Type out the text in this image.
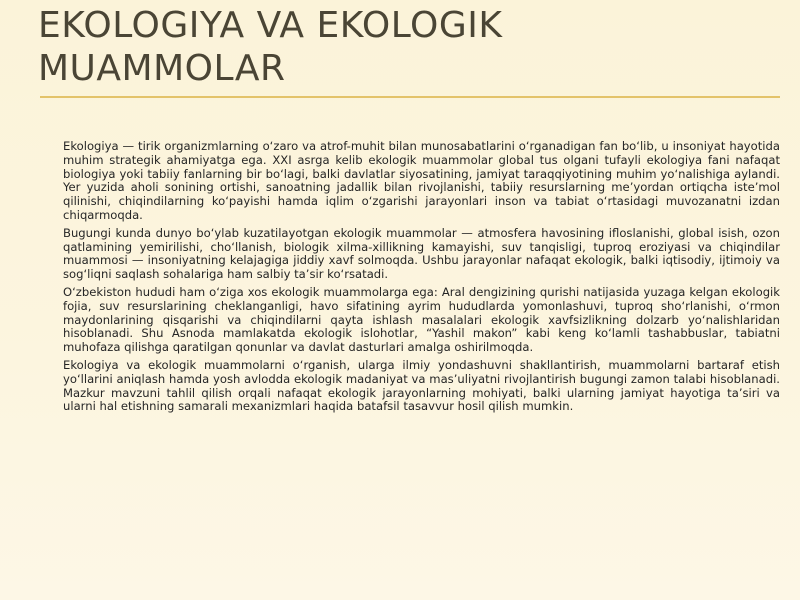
EKOLOGIYA VA EKOLOGIK
MUAMMOLAR

Ekologiya — tirik organizmlarning o‘zaro va atrof-muhit bilan munosabatlarini o‘rganadigan fan bo‘lib, u insoniyat hayotida muhim strategik ahamiyatga ega. XXI asrga kelib ekologik muammolar global tus olgani tufayli ekologiya fani nafaqat biologiya yoki tabiiy fanlarning bir bo‘lagi, balki davlatlar siyosatining, jamiyat taraqqiyotining muhim yo‘nalishiga aylandi. Yer yuzida aholi sonining ortishi, sanoatning jadallik bilan rivojlanishi, tabiiy resurslarning me’yordan ortiqcha iste’mol qilinishi, chiqindilarning ko‘payishi hamda iqlim o‘zgarishi jarayonlari inson va tabiat o‘rtasidagi muvozanatni izdan chiqarmoqda.

Bugungi kunda dunyo bo‘ylab kuzatilayotgan ekologik muammolar — atmosfera havosining ifloslanishi, global isish, ozon qatlamining yemirilishi, cho‘llanish, biologik xilma-xillikning kamayishi, suv tanqisligi, tuproq eroziyasi va chiqindilar muammosi — insoniyatning kelajagiga jiddiy xavf solmoqda. Ushbu jarayonlar nafaqat ekologik, balki iqtisodiy, ijtimoiy va sog‘liqni saqlash sohalariga ham salbiy ta’sir ko‘rsatadi.

O‘zbekiston hududi ham o‘ziga xos ekologik muammolarga ega: Aral dengizining qurishi natijasida yuzaga kelgan ekologik fojia, suv resurslarining cheklanganligi, havo sifatining ayrim hududlarda yomonlashuvi, tuproq sho‘rlanishi, o‘rmon maydonlarining qisqarishi va chiqindilarni qayta ishlash masalalari ekologik xavfsizlikning dolzarb yo‘nalishlaridan hisoblanadi. Shu Asnoda mamlakatda ekologik islohotlar, “Yashil makon” kabi keng ko‘lamli tashabbuslar, tabiatni muhofaza qilishga qaratilgan qonunlar va davlat dasturlari amalga oshirilmoqda.

Ekologiya va ekologik muammolarni o‘rganish, ularga ilmiy yondashuvni shakllantirish, muammolarni bartaraf etish yo‘llarini aniqlash hamda yosh avlodda ekologik madaniyat va mas’uliyatni rivojlantirish bugungi zamon talabi hisoblanadi. Mazkur mavzuni tahlil qilish orqali nafaqat ekologik jarayonlarning mohiyati, balki ularning jamiyat hayotiga ta’siri va ularni hal etishning samarali mexanizmlari haqida batafsil tasavvur hosil qilish mumkin.
